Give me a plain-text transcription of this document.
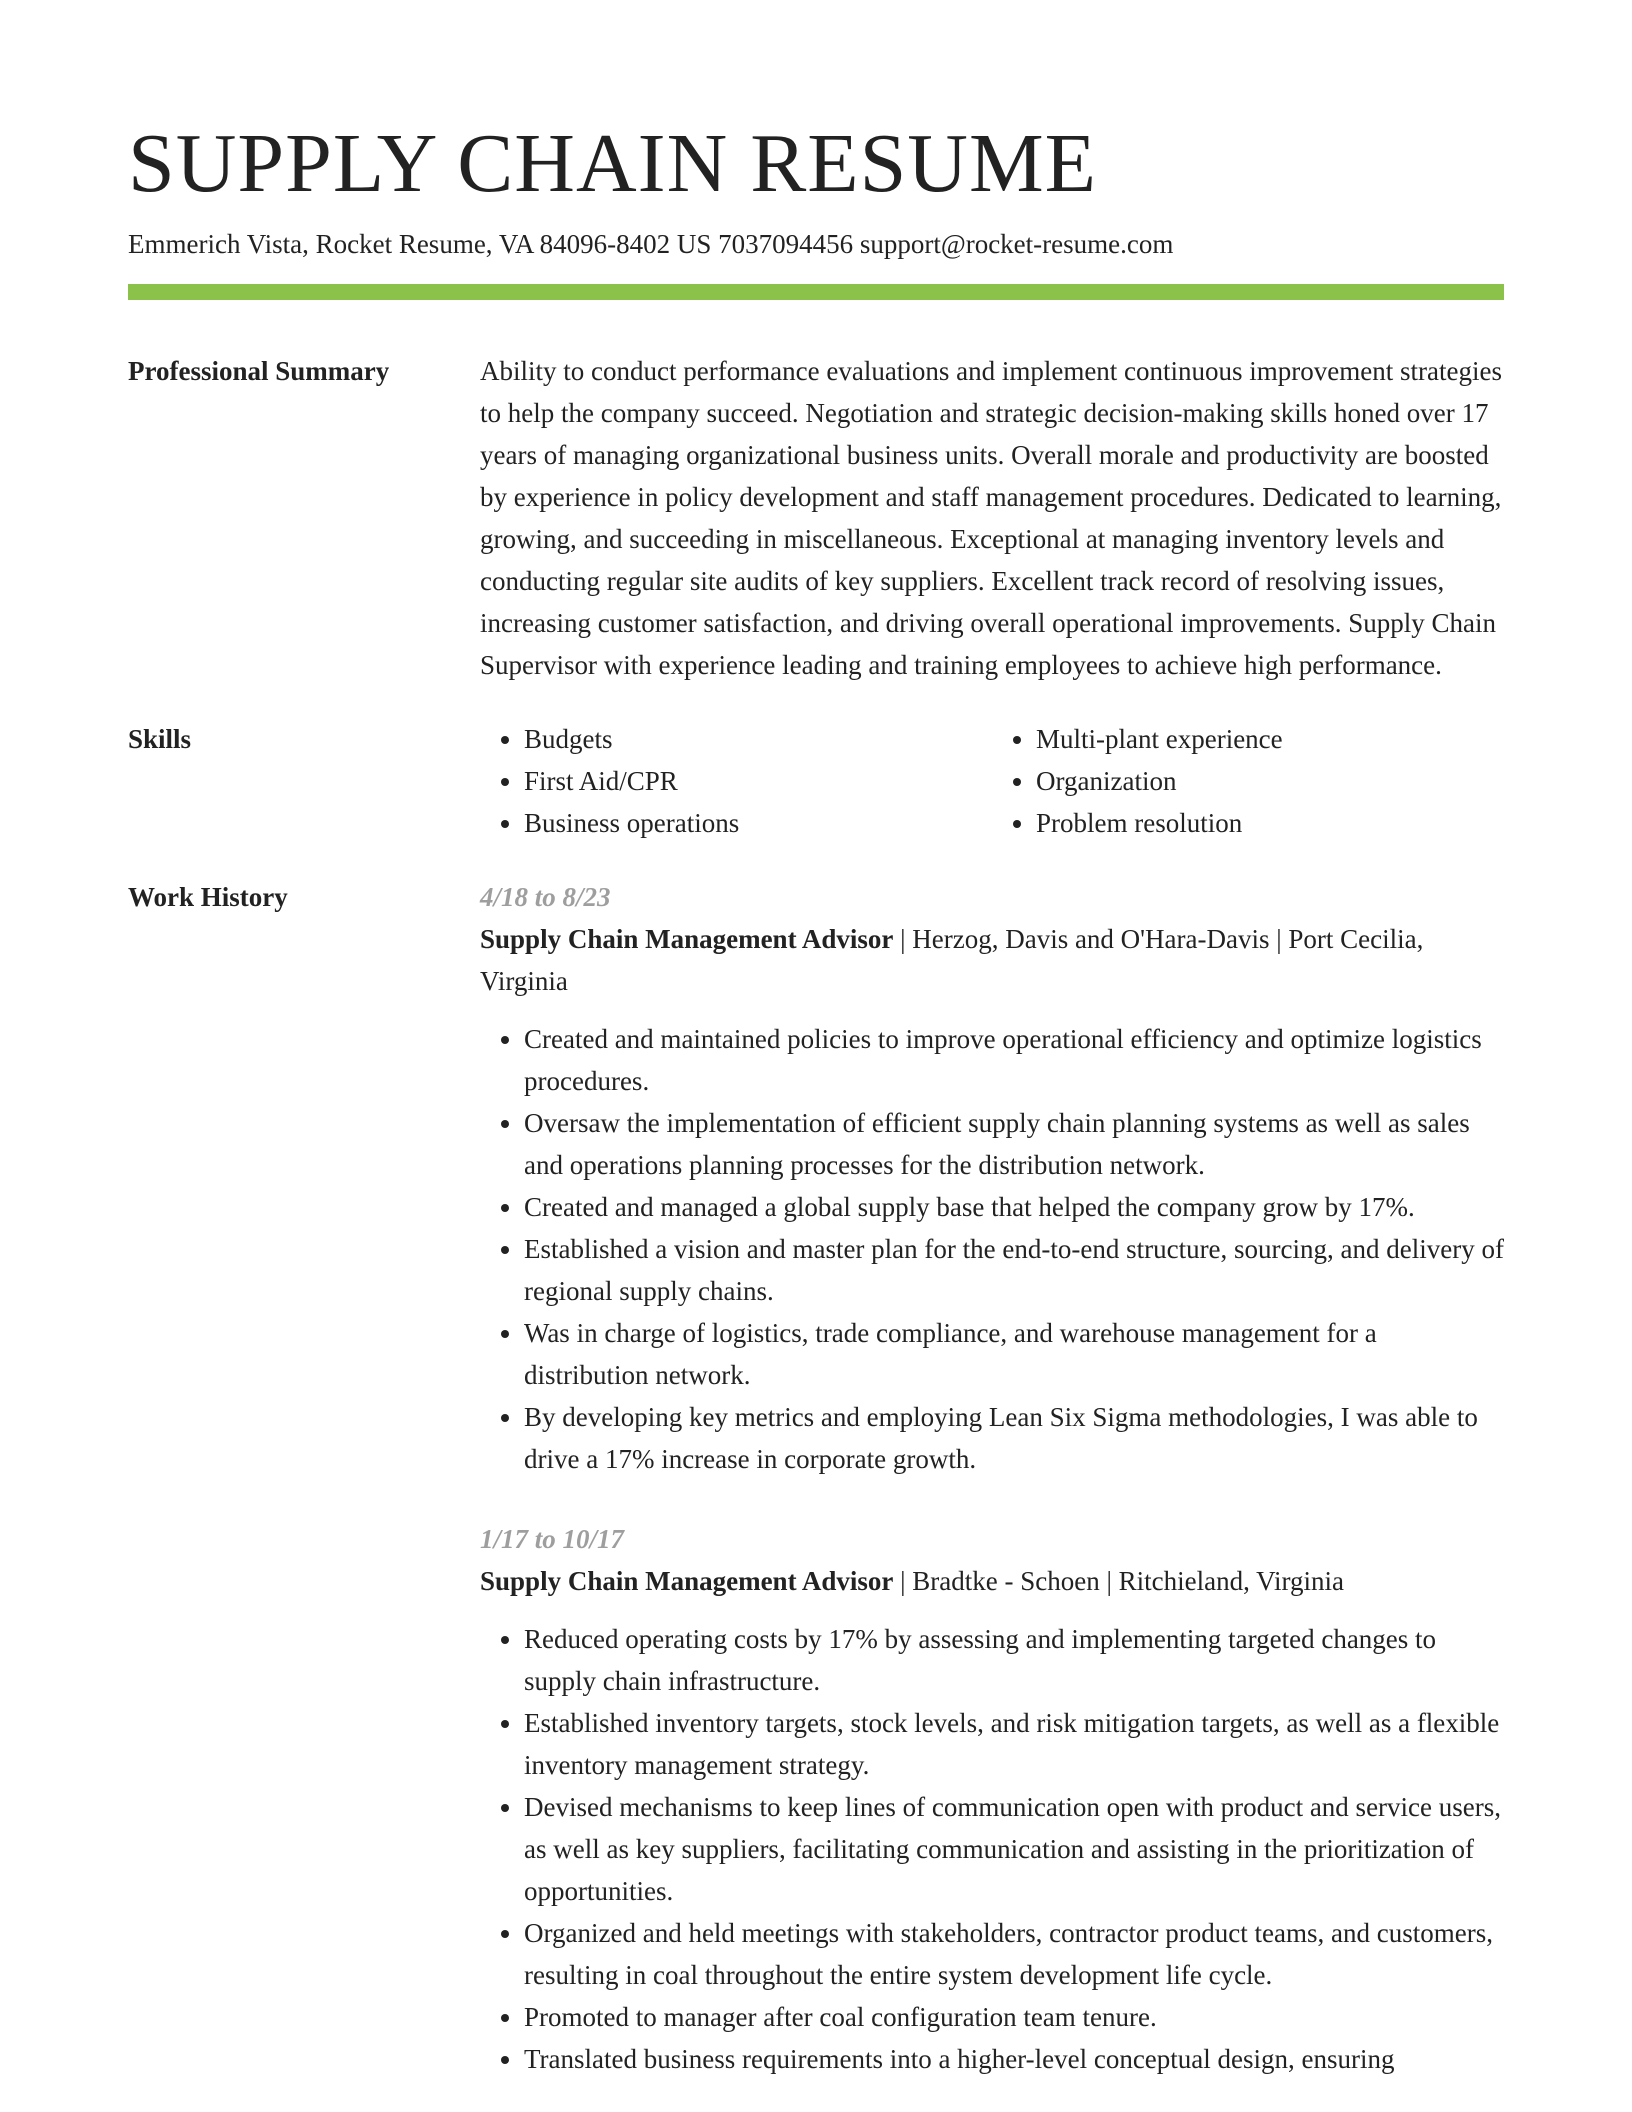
SUPPLY CHAIN RESUME
Emmerich Vista, Rocket Resume, VA 84096-8402 US 7037094456 support@rocket-resume.com
Professional Summary	Ability to conduct performance evaluations and implement continuous improvement strategies to help the company succeed. Negotiation and strategic decision-making skills honed over 17 years of managing organizational business units. Overall morale and productivity are boosted by experience in policy development and staff management procedures. Dedicated to learning, growing, and succeeding in miscellaneous. Exceptional at managing inventory levels and conducting regular site audits of key suppliers. Excellent track record of resolving issues, increasing customer satisfaction, and driving overall operational improvements. Supply Chain Supervisor with experience leading and training employees to achieve high performance.
Skills
•	Budgets
• First Aid/CPR
• Business operations
• Multi-plant experience
• Organization
• Problem resolution
Work History	4/18 to 8/23
Supply Chain Management Advisor | Herzog, Davis and O'Hara-Davis | Port Cecilia, Virginia
• Created and maintained policies to improve operational efficiency and optimize logistics procedures.
• Oversaw the implementation of efficient supply chain planning systems as well as sales and operations planning processes for the distribution network.
• Created and managed a global supply base that helped the company grow by 17%.
• Established a vision and master plan for the end-to-end structure, sourcing, and delivery of regional supply chains.
• Was in charge of logistics, trade compliance, and warehouse management for a distribution network.
• By developing key metrics and employing Lean Six Sigma methodologies, I was able to drive a 17% increase in corporate growth.
1/17 to 10/17
Supply Chain Management Advisor | Bradtke - Schoen | Ritchieland, Virginia
• Reduced operating costs by 17% by assessing and implementing targeted changes to supply chain infrastructure.
• Established inventory targets, stock levels, and risk mitigation targets, as well as a flexible inventory management strategy.
• Devised mechanisms to keep lines of communication open with product and service users, as well as key suppliers, facilitating communication and assisting in the prioritization of opportunities.
• Organized and held meetings with stakeholders, contractor product teams, and customers, resulting in coal throughout the entire system development life cycle.
• Promoted to manager after coal configuration team tenure.
• Translated business requirements into a higher-level conceptual design, ensuring
